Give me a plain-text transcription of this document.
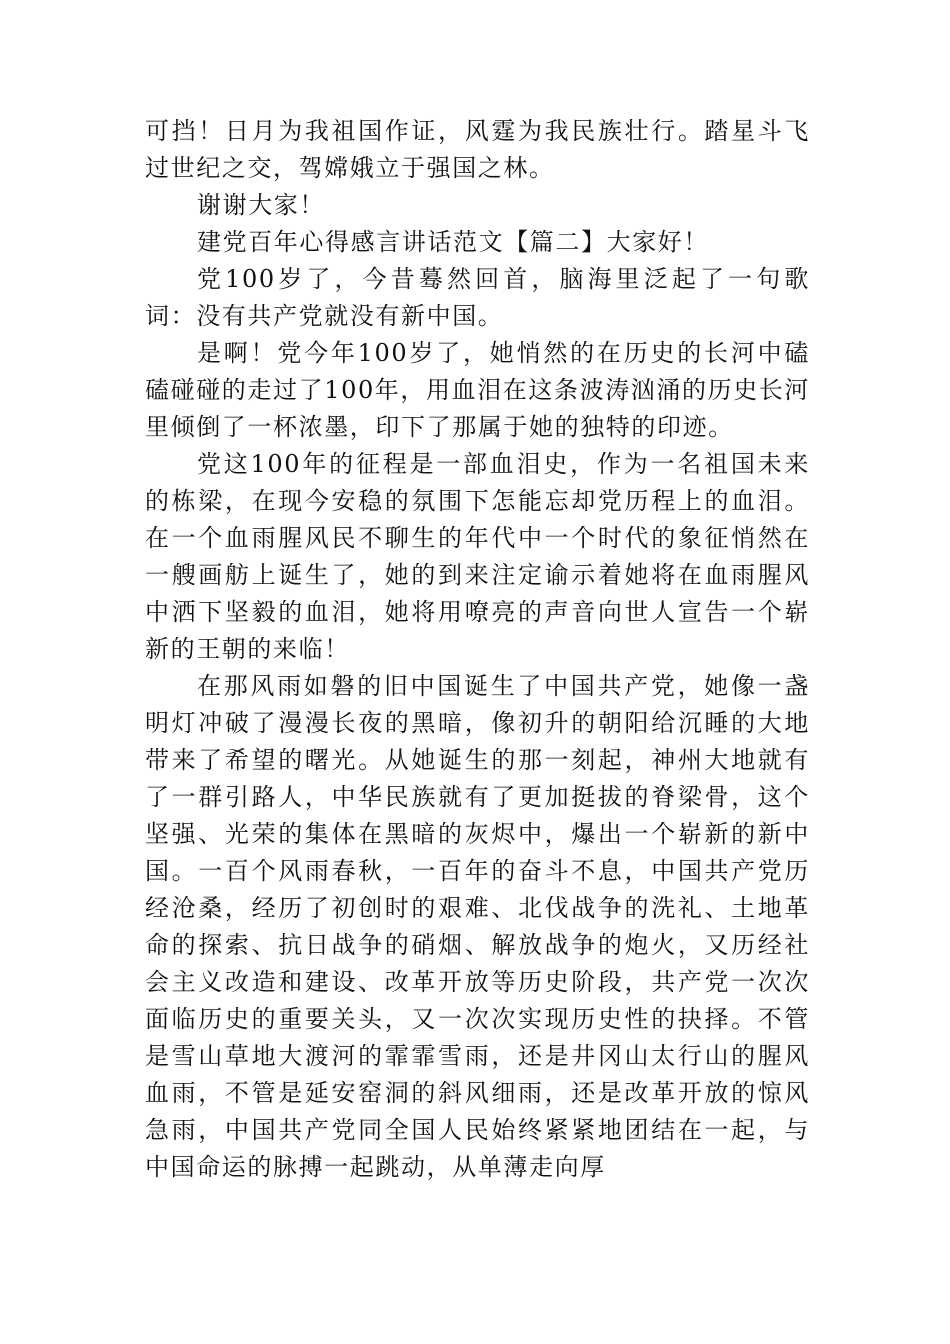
可挡！日月为我祖国作证，风霆为我民族壮行。踏星斗飞过世纪之交，驾嫦娥立于强国之林。

谢谢大家！

建党百年心得感言讲话范文【篇二】大家好！

党100岁了，今昔蓦然回首，脑海里泛起了一句歌词：没有共产党就没有新中国。

是啊！党今年100岁了，她悄然的在历史的长河中磕磕碰碰的走过了100年，用血泪在这条波涛汹涌的历史长河里倾倒了一杯浓墨，印下了那属于她的独特的印迹。

党这100年的征程是一部血泪史，作为一名祖国未来的栋梁，在现今安稳的氛围下怎能忘却党历程上的血泪。在一个血雨腥风民不聊生的年代中一个时代的象征悄然在一艘画舫上诞生了，她的到来注定谕示着她将在血雨腥风中洒下坚毅的血泪，她将用嘹亮的声音向世人宣告一个崭新的王朝的来临！

在那风雨如磐的旧中国诞生了中国共产党，她像一盏明灯冲破了漫漫长夜的黑暗，像初升的朝阳给沉睡的大地带来了希望的曙光。从她诞生的那一刻起，神州大地就有了一群引路人，中华民族就有了更加挺拔的脊梁骨，这个坚强、光荣的集体在黑暗的灰烬中，爆出一个崭新的新中国。一百个风雨春秋，一百年的奋斗不息，中国共产党历经沧桑，经历了初创时的艰难、北伐战争的洗礼、土地革命的探索、抗日战争的硝烟、解放战争的炮火，又历经社会主义改造和建设、改革开放等历史阶段，共产党一次次面临历史的重要关头，又一次次实现历史性的抉择。不管是雪山草地大渡河的霏霏雪雨，还是井冈山太行山的腥风血雨，不管是延安窑洞的斜风细雨，还是改革开放的惊风急雨，中国共产党同全国人民始终紧紧地团结在一起，与中国命运的脉搏一起跳动，从单薄走向厚
